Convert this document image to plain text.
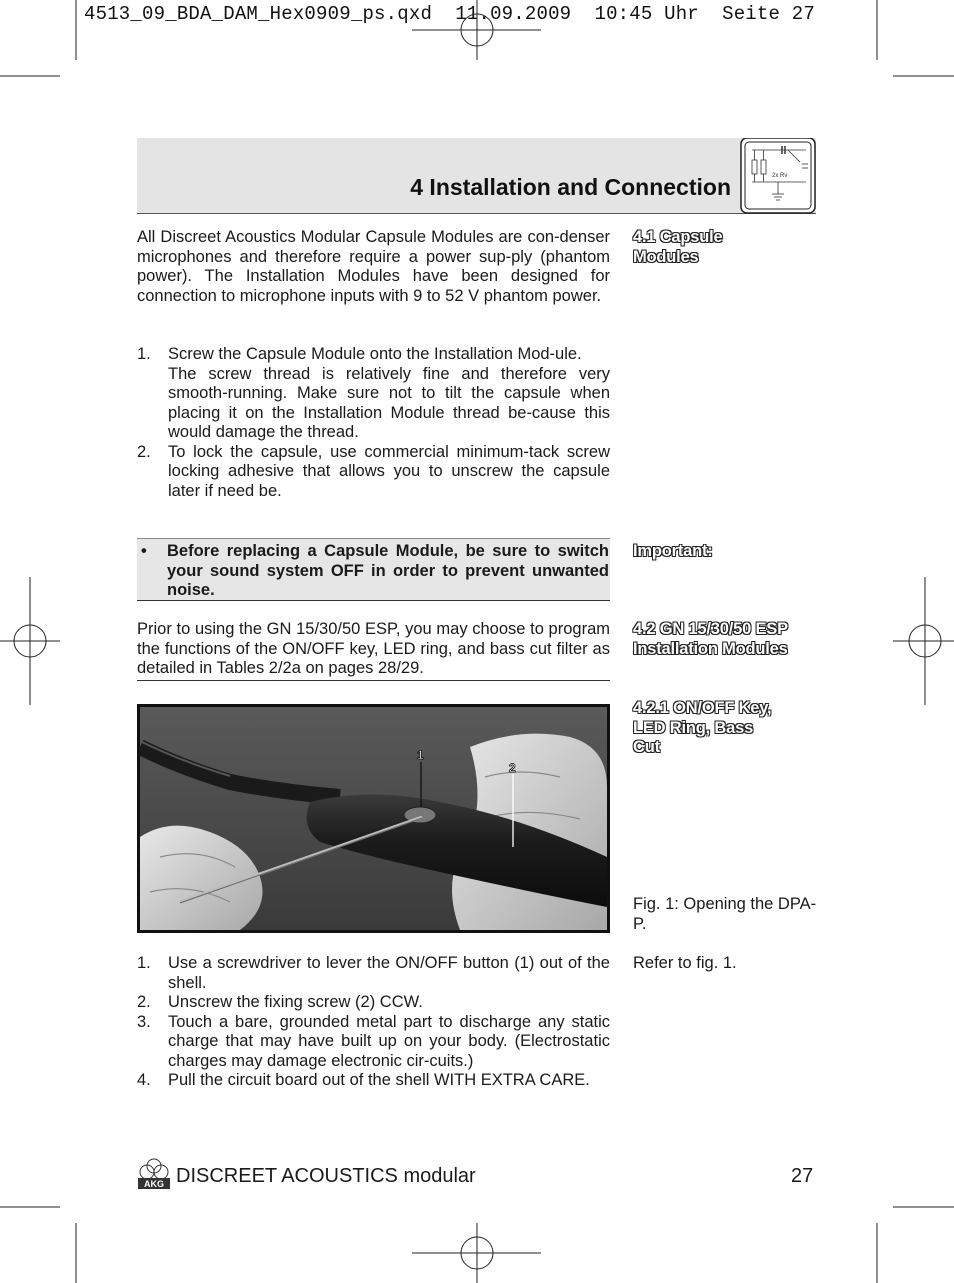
4513_09_BDA_DAM_Hex0909_ps.qxd  11.09.2009  10:45 Uhr  Seite 27
4 Installation and Connection	2x Rv
4.1 Capsule
Modules
All Discreet Acoustics Modular Capsule Modules are con-denser microphones and therefore require a power sup-ply (phantom power). The Installation Modules have been designed for connection to microphone inputs with 9 to 52 V phantom power.
1. Screw the Capsule Module onto the Installation Mod-ule.
The screw thread is relatively fine and therefore very smooth-running. Make sure not to tilt the capsule when placing it on the Installation Module thread be-cause this would damage the thread.
2. To lock the capsule, use commercial minimum-tack screw locking adhesive that allows you to unscrew the capsule later if need be.
Important:
• Before replacing a Capsule Module, be sure to switch your sound system OFF in order to prevent unwanted noise.

4.2 GN 15/30/50 ESP
Installation Modules
Prior to using the GN 15/30/50 ESP, you may choose to program the functions of the ON/OFF key, LED ring, and bass cut filter as detailed in Tables 2/2a on pages 28/29.
4.2.1 ON/OFF Key,
LED Ring, Bass
Cut
1
2
Fig. 1: Opening the DPA-P.
Refer to fig. 1.
1. Use a screwdriver to lever the ON/OFF button (1) out of the shell.
2. Unscrew the fixing screw (2) CCW.
3. Touch a bare, grounded metal part to discharge any static charge that may have built up on your body. (Electrostatic charges may damage electronic cir-cuits.)
4. Pull the circuit board out of the shell WITH EXTRA CARE.
AKG DISCREET ACOUSTICS modular	27
